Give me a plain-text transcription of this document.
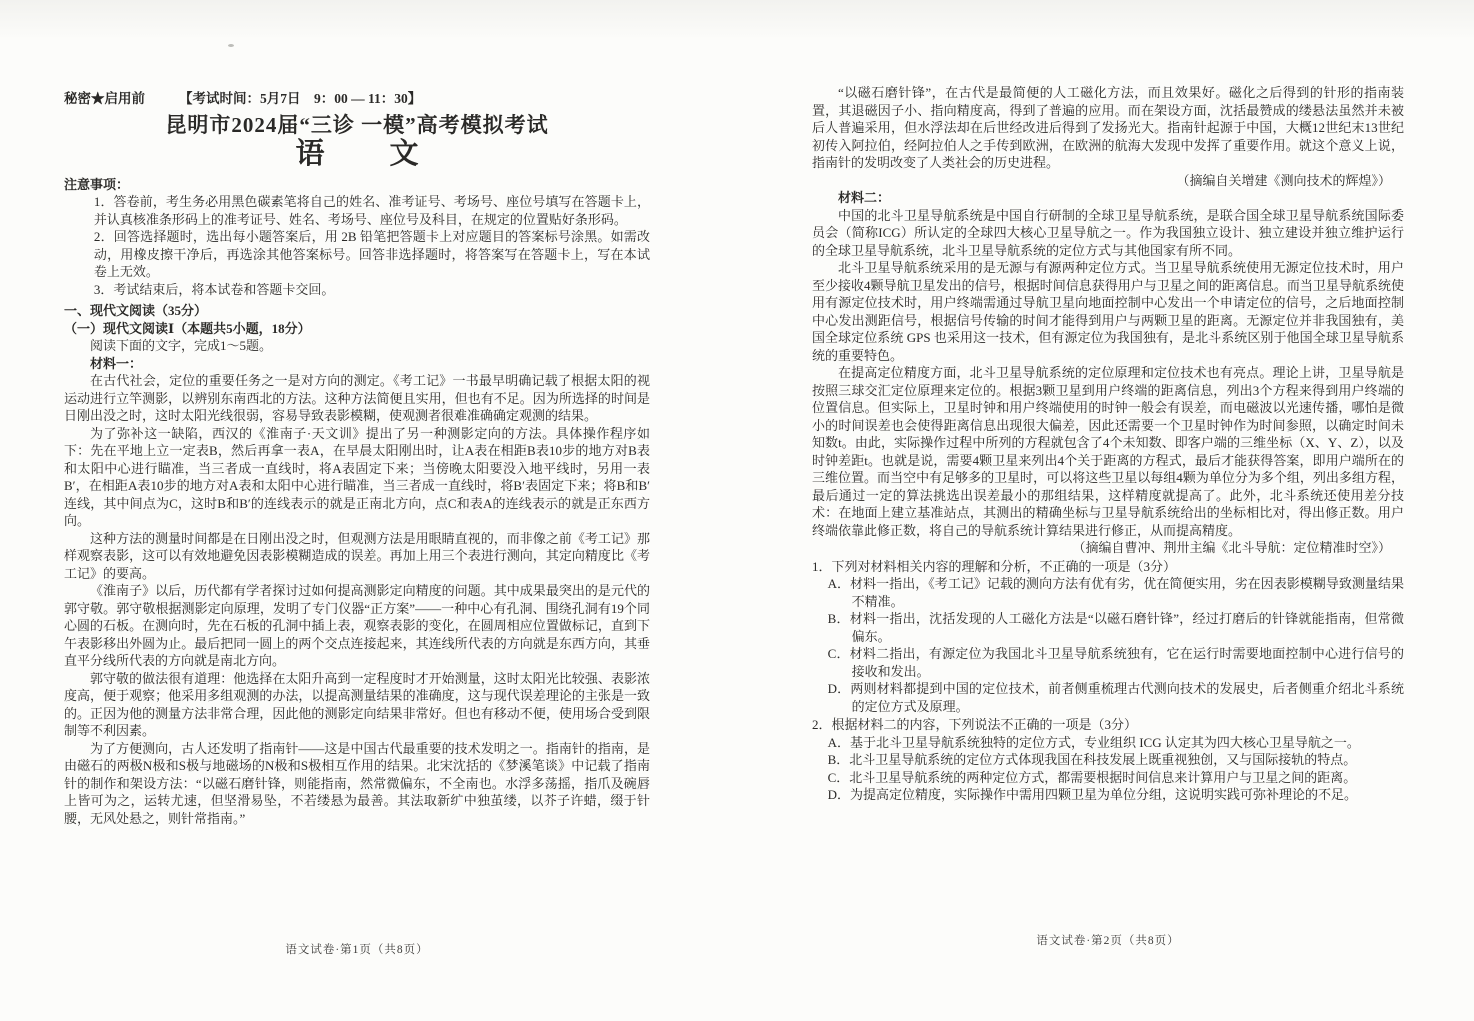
秘密★启用前	【考试时间：5月7日　9：00 — 11：30】
昆明市2024届“三诊 一模”高考模拟考试
语　文
注意事项：
1．答卷前，考生务必用黑色碳素笔将自己的姓名、准考证号、考场号、座位号填写在答题卡上，并认真核准条形码上的准考证号、姓名、考场号、座位号及科目，在规定的位置贴好条形码。
2．回答选择题时，选出每小题答案后，用 2B 铅笔把答题卡上对应题目的答案标号涂黑。如需改动，用橡皮擦干净后，再选涂其他答案标号。回答非选择题时，将答案写在答题卡上，写在本试卷上无效。
3．考试结束后，将本试卷和答题卡交回。
一、现代文阅读（35分）
（一）现代文阅读Ⅰ（本题共5小题，18分）
阅读下面的文字，完成1～5题。
材料一：

在古代社会，定位的重要任务之一是对方向的测定。《考工记》一书最早明确记载了根据太阳的视运动进行立竿测影，以辨别东南西北的方法。这种方法简便且实用，但也有不足。因为所选择的时间是日刚出没之时，这时太阳光线很弱，容易导致表影模糊，使观测者很难准确确定观测的结果。

为了弥补这一缺陷，西汉的《淮南子·天文训》提出了另一种测影定向的方法。具体操作程序如下：先在平地上立一定表B，然后再拿一表A，在早晨太阳刚出时，让A表在相距B表10步的地方对B表和太阳中心进行瞄准，当三者成一直线时，将A表固定下来；当傍晚太阳要没入地平线时，另用一表B′，在相距A表10步的地方对A表和太阳中心进行瞄准，当三者成一直线时，将B′表固定下来；将B和B′连线，其中间点为C，这时B和B′的连线表示的就是正南北方向，点C和表A的连线表示的就是正东西方向。

这种方法的测量时间都是在日刚出没之时，但观测方法是用眼睛直视的，而非像之前《考工记》那样观察表影，这可以有效地避免因表影模糊造成的误差。再加上用三个表进行测向，其定向精度比《考工记》的要高。

《淮南子》以后，历代都有学者探讨过如何提高测影定向精度的问题。其中成果最突出的是元代的郭守敬。郭守敬根据测影定向原理，发明了专门仪器“正方案”——一种中心有孔洞、围绕孔洞有19个同心圆的石板。在测向时，先在石板的孔洞中插上表，观察表影的变化，在圆周相应位置做标记，直到下午表影移出外圆为止。最后把同一圆上的两个交点连接起来，其连线所代表的方向就是东西方向，其垂直平分线所代表的方向就是南北方向。

郭守敬的做法很有道理：他选择在太阳升高到一定程度时才开始测量，这时太阳光比较强、表影浓度高，便于观察；他采用多组观测的办法，以提高测量结果的准确度，这与现代误差理论的主张是一致的。正因为他的测量方法非常合理，因此他的测影定向结果非常好。但也有移动不便，使用场合受到限制等不利因素。

为了方便测向，古人还发明了指南针——这是中国古代最重要的技术发明之一。指南针的指南，是由磁石的两极N极和S极与地磁场的N极和S极相互作用的结果。北宋沈括的《梦溪笔谈》中记载了指南针的制作和架设方法：“以磁石磨针锋，则能指南，然常微偏东，不全南也。水浮多荡摇，指爪及碗唇上皆可为之，运转尤速，但坚滑易坠，不若缕悬为最善。其法取新纩中独茧缕，以芥子许蜡，缀于针腰，无风处悬之，则针常指南。”

语文试卷·第1页（共8页）

“以磁石磨针锋”，在古代是最简便的人工磁化方法，而且效果好。磁化之后得到的针形的指南装置，其退磁因子小、指向精度高，得到了普遍的应用。而在架设方面，沈括最赞成的缕悬法虽然并未被后人普遍采用，但水浮法却在后世经改进后得到了发扬光大。指南针起源于中国，大概12世纪末13世纪初传入阿拉伯，经阿拉伯人之手传到欧洲，在欧洲的航海大发现中发挥了重要作用。就这个意义上说，指南针的发明改变了人类社会的历史进程。

（摘编自关增建《测向技术的辉煌》）
材料二：

中国的北斗卫星导航系统是中国自行研制的全球卫星导航系统，是联合国全球卫星导航系统国际委员会（简称ICG）所认定的全球四大核心卫星导航之一。作为我国独立设计、独立建设并独立维护运行的全球卫星导航系统，北斗卫星导航系统的定位方式与其他国家有所不同。

北斗卫星导航系统采用的是无源与有源两种定位方式。当卫星导航系统使用无源定位技术时，用户至少接收4颗导航卫星发出的信号，根据时间信息获得用户与卫星之间的距离信息。而当卫星导航系统使用有源定位技术时，用户终端需通过导航卫星向地面控制中心发出一个申请定位的信号，之后地面控制中心发出测距信号，根据信号传输的时间才能得到用户与两颗卫星的距离。无源定位并非我国独有，美国全球定位系统 GPS 也采用这一技术，但有源定位为我国独有，是北斗系统区别于他国全球卫星导航系统的重要特色。

在提高定位精度方面，北斗卫星导航系统的定位原理和定位技术也有亮点。理论上讲，卫星导航是按照三球交汇定位原理来定位的。根据3颗卫星到用户终端的距离信息，列出3个方程来得到用户终端的位置信息。但实际上，卫星时钟和用户终端使用的时钟一般会有误差，而电磁波以光速传播，哪怕是微小的时间误差也会使得距离信息出现很大偏差，因此还需要一个卫星时钟作为时间参照，以确定时间未知数t。由此，实际操作过程中所列的方程就包含了4个未知数、即客户端的三维坐标（X、Y、Z），以及时钟差距t。也就是说，需要4颗卫星来列出4个关于距离的方程式，最后才能获得答案，即用户端所在的三维位置。而当空中有足够多的卫星时，可以将这些卫星以每组4颗为单位分为多个组，列出多组方程，最后通过一定的算法挑选出误差最小的那组结果，这样精度就提高了。此外，北斗系统还使用差分技术：在地面上建立基准站点，其测出的精确坐标与卫星导航系统给出的坐标相比对，得出修正数。用户终端依靠此修正数，将自己的导航系统计算结果进行修正，从而提高精度。

（摘编自曹冲、荆卅主编《北斗导航：定位精准时空》）
1．下列对材料相关内容的理解和分析，不正确的一项是（3分）
A．材料一指出，《考工记》记载的测向方法有优有劣，优在简便实用，劣在因表影模糊导致测量结果不精准。
B．材料一指出，沈括发现的人工磁化方法是“以磁石磨针锋”，经过打磨后的针锋就能指南，但常微偏东。
C．材料二指出，有源定位为我国北斗卫星导航系统独有，它在运行时需要地面控制中心进行信号的接收和发出。
D．两则材料都提到中国的定位技术，前者侧重梳理古代测向技术的发展史，后者侧重介绍北斗系统的定位方式及原理。
2．根据材料二的内容，下列说法不正确的一项是（3分）
A．基于北斗卫星导航系统独特的定位方式，专业组织 ICG 认定其为四大核心卫星导航之一。
B．北斗卫星导航系统的定位方式体现我国在科技发展上既重视独创，又与国际接轨的特点。
C．北斗卫星导航系统的两种定位方式，都需要根据时间信息来计算用户与卫星之间的距离。
D．为提高定位精度，实际操作中需用四颗卫星为单位分组，这说明实践可弥补理论的不足。
语文试卷·第2页（共8页）
